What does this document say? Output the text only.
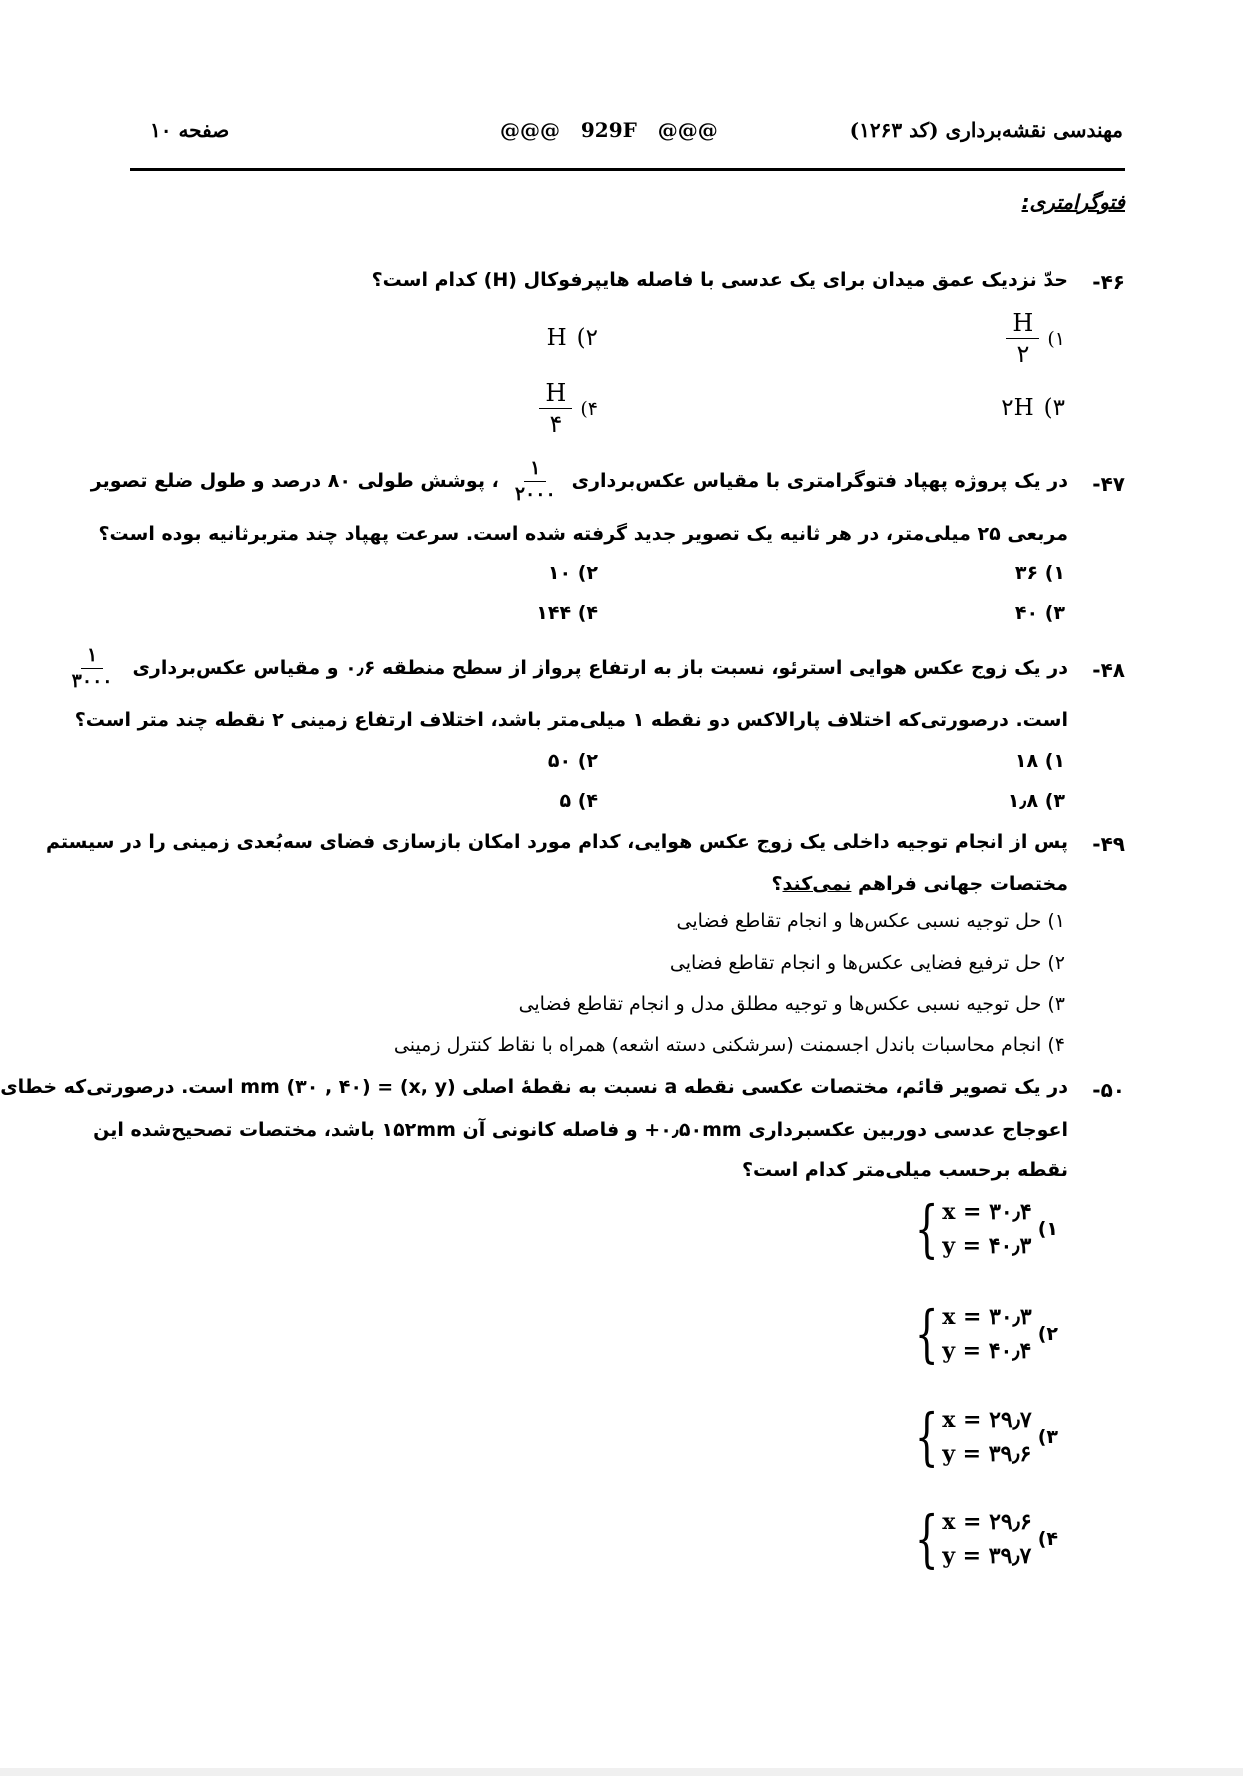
مهندسی نقشه‌برداری (کد ۱۲۶۳)
@@@   929F   @@@
صفحه ۱۰
فتوگرامتری:
۴۶-
حدّ نزدیک عمق میدان برای یک عدسی با فاصله هایپرفوکال (H) کدام است؟
۱)
$\frac{H}{۲}$
۲)
H
۳)
۲H
۴)
$\frac{H}{۴}$
۴۷-
در یک پروژه پهپاد فتوگرامتری با مقیاس عکس‌برداری
$\frac{۱}{۲۰۰۰}$
، پوشش طولی ۸۰ درصد و طول ضلع تصویر
مربعی ۲۵ میلی‌متر، در هر ثانیه یک تصویر جدید گرفته شده است. سرعت پهپاد چند متربرثانیه بوده است؟
۱) ۳۶
۲) ۱۰
۳) ۴۰
۴) ۱۴۴
۴۸-
در یک زوج عکس هوایی استرئو، نسبت باز به ارتفاع پرواز از سطح منطقه ۰٫۶ و مقیاس عکس‌برداری
$\frac{۱}{۳۰۰۰}$
است. درصورتی‌که اختلاف پارالاکس دو نقطه ۱ میلی‌متر باشد، اختلاف ارتفاع زمینی ۲ نقطه چند متر است؟
۱) ۱۸
۲) ۵۰
۳) ۱٫۸
۴) ۵
۴۹-
پس از انجام توجیه داخلی یک زوج عکس هوایی، کدام مورد امکان بازسازی فضای سه‌بُعدی زمینی را در سیستم
مختصات جهانی فراهم نمی‌کند؟
۱) حل توجیه نسبی عکس‌ها و انجام تقاطع فضایی
۲) حل ترفیع فضایی عکس‌ها و انجام تقاطع فضایی
۳) حل توجیه نسبی عکس‌ها و توجیه مطلق مدل و انجام تقاطع فضایی
۴) انجام محاسبات باندل اجسمنت (سرشکنی دسته اشعه) همراه با نقاط کنترل زمینی
۵۰-
در یک تصویر قائم، مختصات عکسی نقطه a نسبت به نقطهٔ اصلی (x, y) = (۳۰ , ۴۰) mm است. درصورتی‌که خطای
اعوجاج عدسی دوربین عکسبرداری ‎+۰٫۵۰mm‎ و فاصله کانونی آن ۱۵۲mm باشد، مختصات تصحیح‌شده این
نقطه برحسب میلی‌متر کدام است؟
۱)
{ x = ۳۰٫۴
y = ۴۰٫۳
۲)
{ x = ۳۰٫۳
y = ۴۰٫۴
۳)
{ x = ۲۹٫۷
y = ۳۹٫۶
۴)
{ x = ۲۹٫۶
y = ۳۹٫۷
